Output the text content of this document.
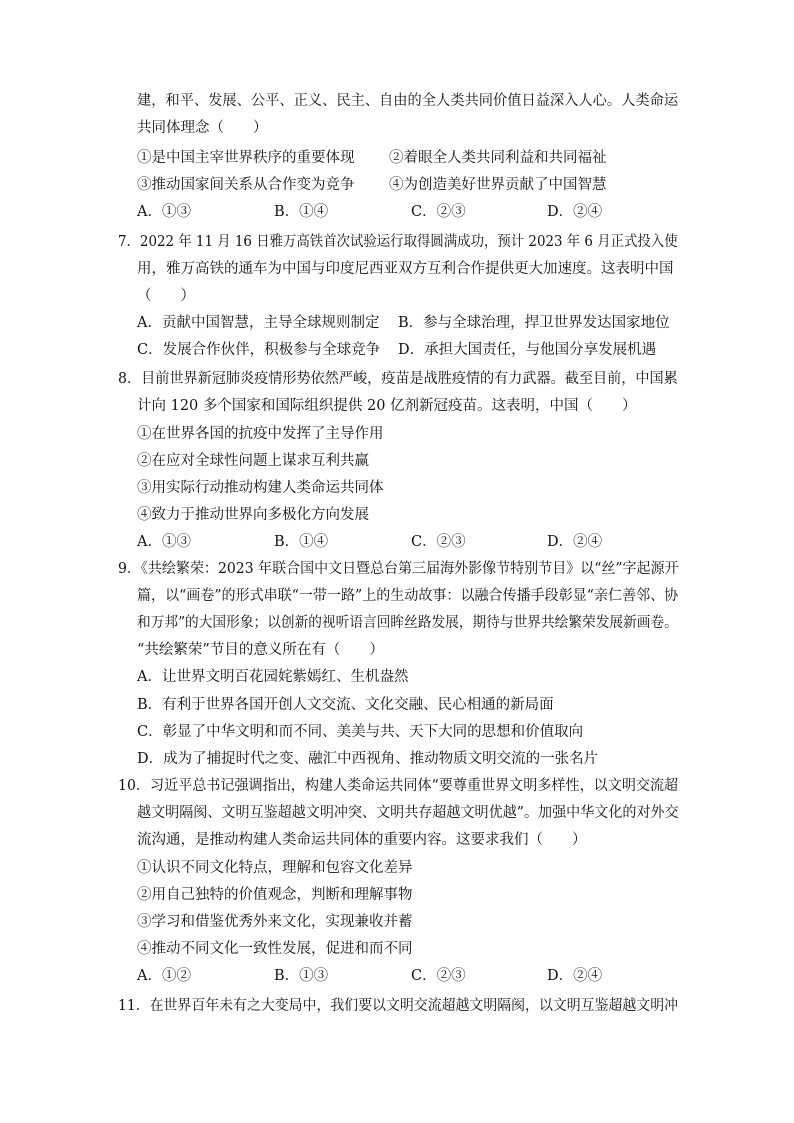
建，和平、发展、公平、正义、民主、自由的全人类共同价值日益深入人心。人类命运
共同体理念（　　）
①是中国主宰世界秩序的重要体现 ②着眼全人类共同利益和共同福祉
③推动国家间关系从合作变为竞争 ④为创造美好世界贡献了中国智慧
A．①③	B．①④	C．②③	D．②④
7．2022 年 11 月 16 日雅万高铁首次试验运行取得圆满成功，预计 2023 年 6 月正式投入使
用，雅万高铁的通车为中国与印度尼西亚双方互利合作提供更大加速度。这表明中国
（　　）
A．贡献中国智慧，主导全球规则制定 B．参与全球治理，捍卫世界发达国家地位
C．发展合作伙伴，积极参与全球竞争 D．承担大国责任，与他国分享发展机遇
8．目前世界新冠肺炎疫情形势依然严峻，疫苗是战胜疫情的有力武器。截至目前，中国累
计向 120 多个国家和国际组织提供 20 亿剂新冠疫苗。这表明，中国（　　）
①在世界各国的抗疫中发挥了主导作用
②在应对全球性问题上谋求互利共赢
③用实际行动推动构建人类命运共同体
④致力于推动世界向多极化方向发展
A．①③	B．①④	C．②③	D．②④
9．《共绘繁荣：2023 年联合国中文日暨总台第三届海外影像节特别节目》以“丝”字起源开
篇，以“画卷”的形式串联“一带一路”上的生动故事：以融合传播手段彰显“亲仁善邻、协
和万邦”的大国形象；以创新的视听语言回眸丝路发展，期待与世界共绘繁荣发展新画卷。
“共绘繁荣”节目的意义所在有（　　）
A．让世界文明百花园姹紫嫣红、生机盎然
B．有利于世界各国开创人文交流、文化交融、民心相通的新局面
C．彰显了中华文明和而不同、美美与共、天下大同的思想和价值取向
D．成为了捕捉时代之变、融汇中西视角、推动物质文明交流的一张名片
10．习近平总书记强调指出，构建人类命运共同体“要尊重世界文明多样性，以文明交流超
越文明隔阂、文明互鉴超越文明冲突、文明共存超越文明优越”。加强中华文化的对外交
流沟通，是推动构建人类命运共同体的重要内容。这要求我们（　　）
①认识不同文化特点，理解和包容文化差异
②用自己独特的价值观念，判断和理解事物
③学习和借鉴优秀外来文化，实现兼收并蓄
④推动不同文化一致性发展，促进和而不同
A．①②	B．①③	C．②③	D．②④
11．在世界百年未有之大变局中，我们要以文明交流超越文明隔阂，以文明互鉴超越文明冲
